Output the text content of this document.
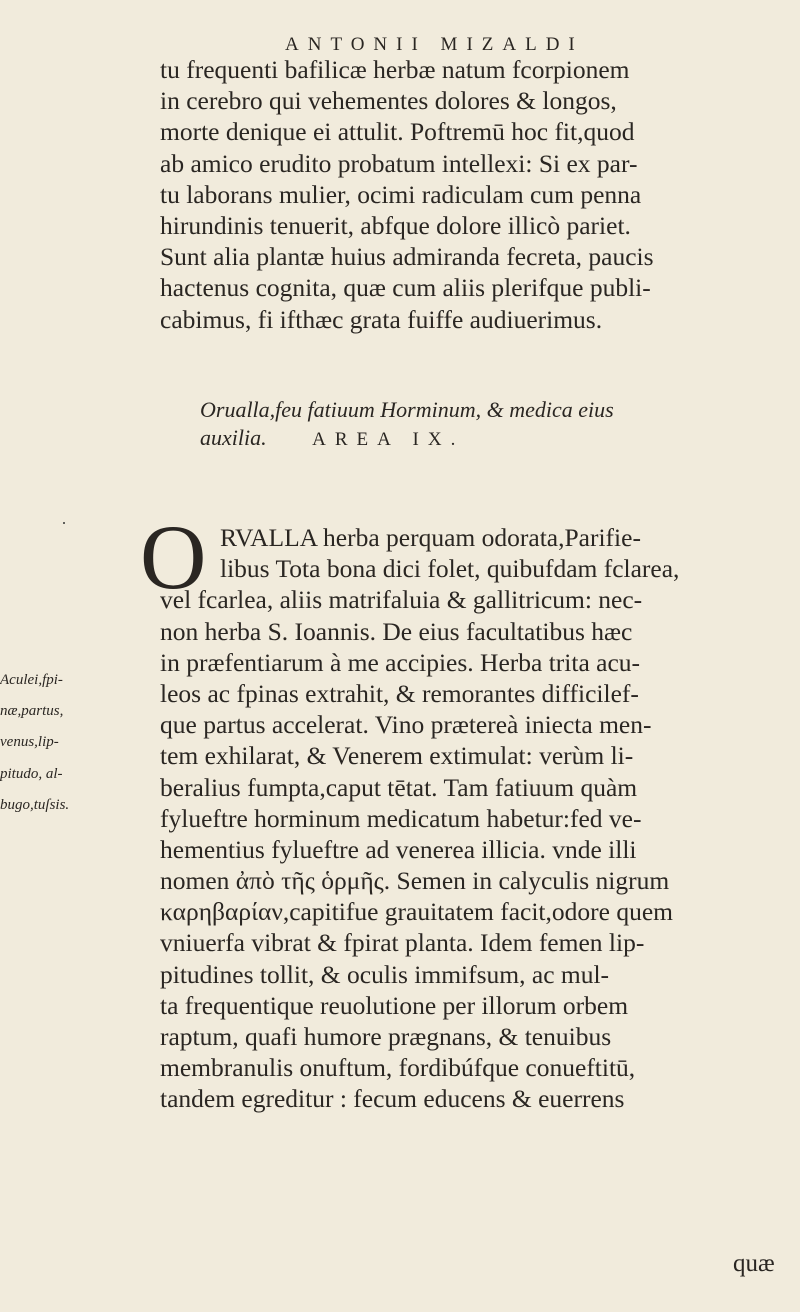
ANTONII MIZALDI
tu frequenti bafilicæ herbæ natum fcorpionem
in cerebro qui vehementes dolores & longos,
morte denique ei attulit. Poftremū hoc fit,quod
ab amico erudito probatum intellexi: Si ex par-
tu laborans mulier, ocimi radiculam cum penna
hirundinis tenuerit, abfque dolore illicò pariet.
Sunt alia plantæ huius admiranda fecreta, paucis
hactenus cognita, quæ cum aliis plerifque publi-
cabimus, fi ifthæc grata fuiffe audiuerimus.
Orualla,feu fatiuum Horminum, & medica eius
auxilia. AREA IX.
O RVALLA herba perquam odorata,Parifie-
libus Tota bona dici folet, quibufdam fclarea,
vel fcarlea, aliis matrifaluia & gallitricum: nec-
non herba S. Ioannis. De eius facultatibus hæc
in præfentiarum à me accipies. Herba trita acu-
leos ac fpinas extrahit, & remorantes difficilef-
que partus accelerat. Vino prætereà iniecta men-
tem exhilarat, & Venerem extimulat: verùm li-
beralius fumpta,caput tētat. Tam fatiuum quàm
fylueftre horminum medicatum habetur:fed ve-
hementius fylueftre ad venerea illicia. vnde illi
nomen ἀπὸ τῆς ὁρμῆς. Semen in calyculis nigrum
καρηβαρίαν,capitifue grauitatem facit,odore quem
vniuerfa vibrat & fpirat planta. Idem femen lip-
pitudines tollit, & oculis immifsum, ac mul-
ta frequentique reuolutione per illorum orbem
raptum, quafi humore prægnans, & tenuibus
membranulis onuftum, fordibúfque conueftitū,
tandem egreditur : fecum educens & euerrens
Aculei,fpi-
næ,partus,
venus,lip-
pitudo, al-
bugo,tuſsis.
quæ
